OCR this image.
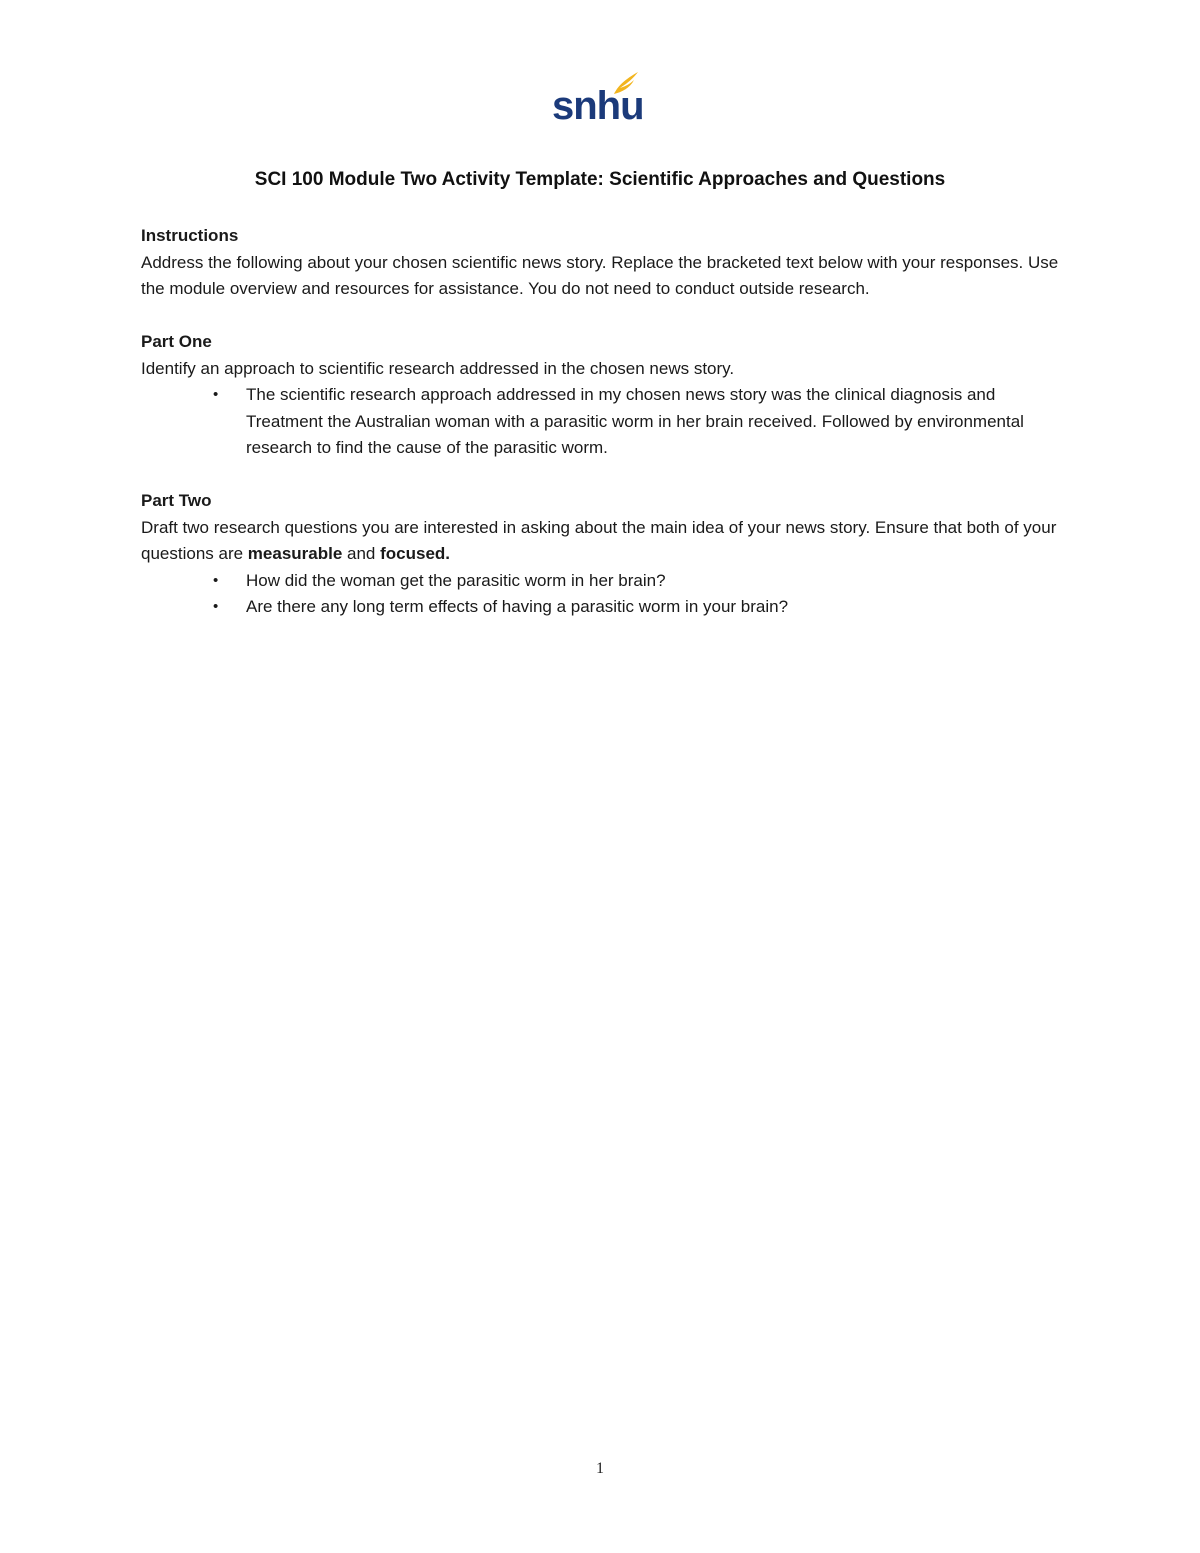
snhu
SCI 100 Module Two Activity Template: Scientific Approaches and Questions

Instructions

Address the following about your chosen scientific news story. Replace the bracketed text below with your responses. Use the module overview and resources for assistance. You do not need to conduct outside research.

Part One

Identify an approach to scientific research addressed in the chosen news story.

• The scientific research approach addressed in my chosen news story was the clinical diagnosis and Treatment the Australian woman with a parasitic worm in her brain received. Followed by environmental research to find the cause of the parasitic worm.

Part Two

Draft two research questions you are interested in asking about the main idea of your news story. Ensure that both of your questions are measurable and focused.

• How did the woman get the parasitic worm in her brain?
• Are there any long term effects of having a parasitic worm in your brain?
1
